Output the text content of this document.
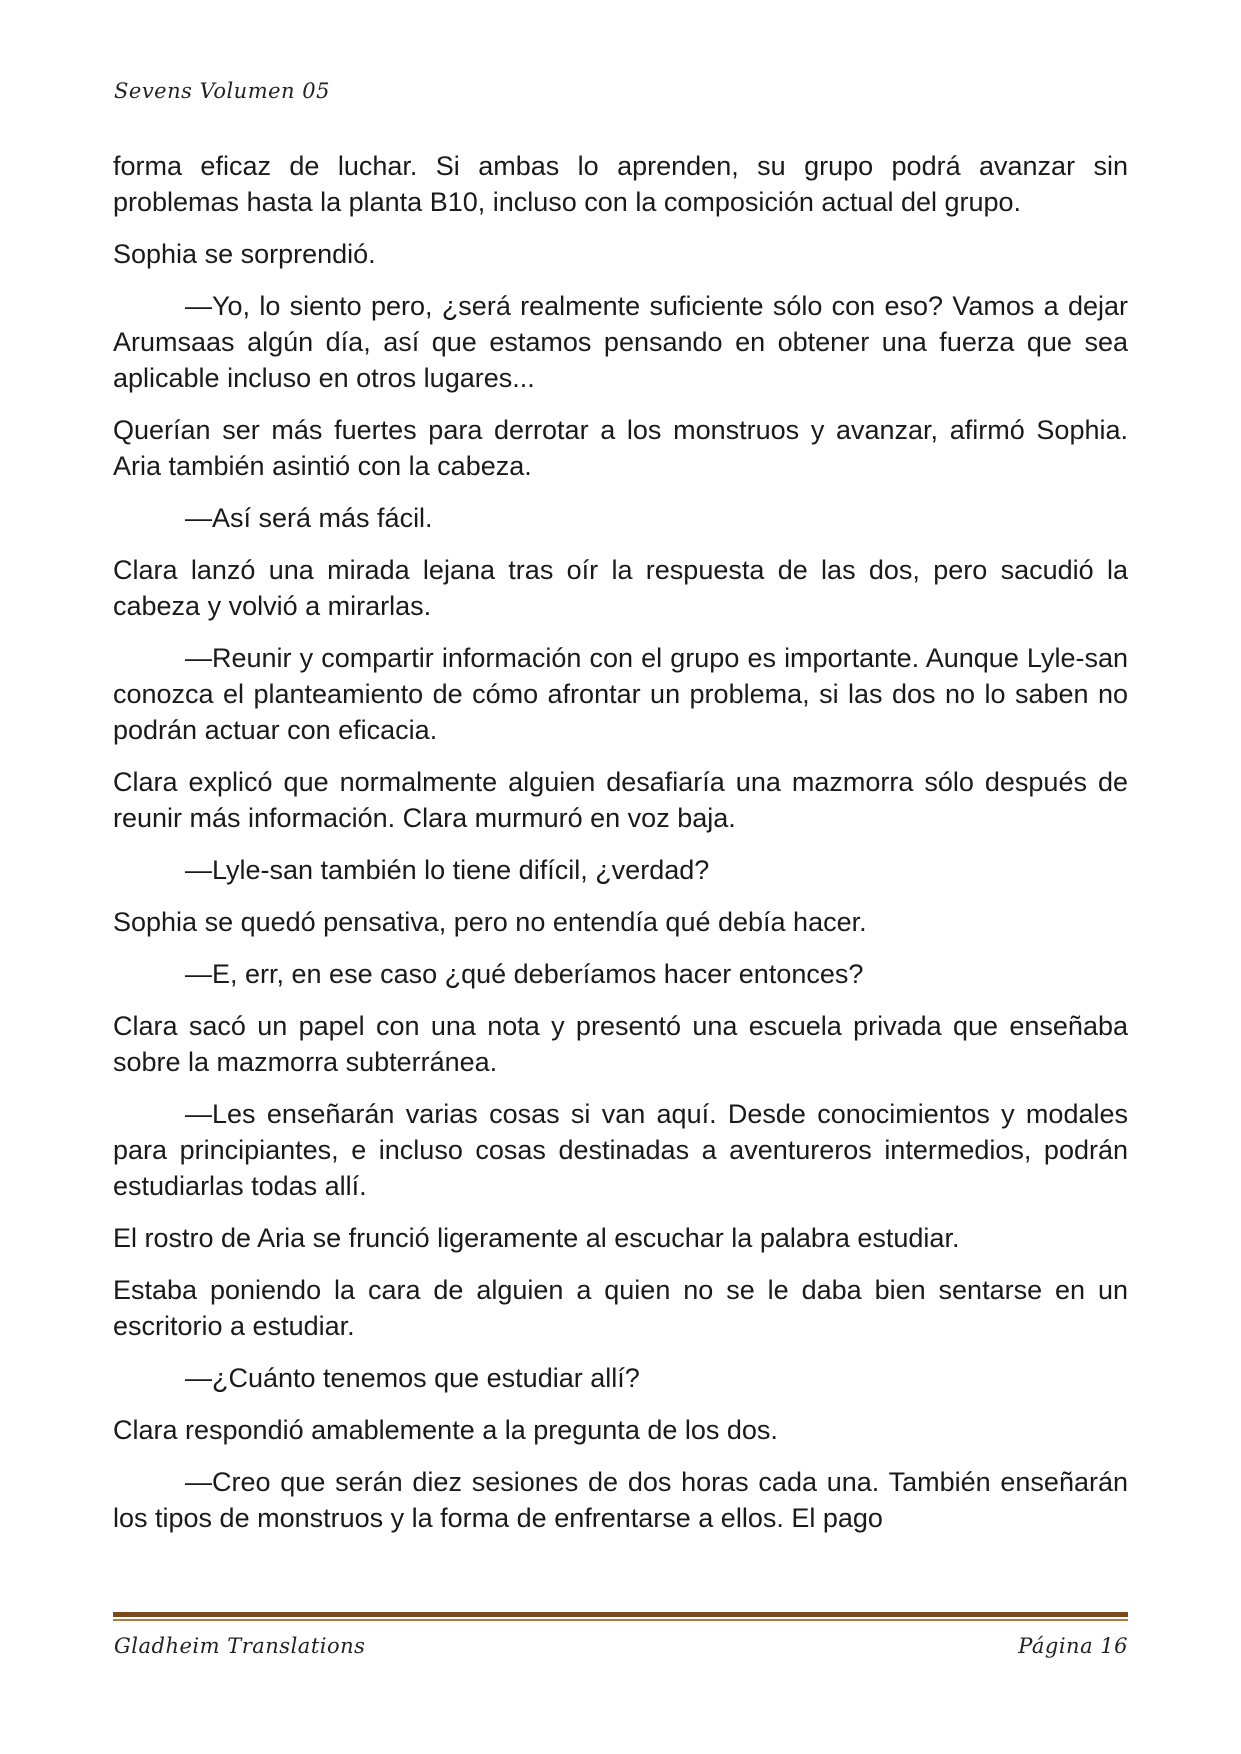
Sevens Volumen 05

forma eficaz de luchar. Si ambas lo aprenden, su grupo podrá avanzar sin problemas hasta la planta B10, incluso con la composición actual del grupo.

Sophia se sorprendió.

—Yo, lo siento pero, ¿será realmente suficiente sólo con eso? Vamos a dejar Arumsaas algún día, así que estamos pensando en obtener una fuerza que sea aplicable incluso en otros lugares...

Querían ser más fuertes para derrotar a los monstruos y avanzar, afirmó Sophia. Aria también asintió con la cabeza.

—Así será más fácil.

Clara lanzó una mirada lejana tras oír la respuesta de las dos, pero sacudió la cabeza y volvió a mirarlas.

—Reunir y compartir información con el grupo es importante. Aunque Lyle-san conozca el planteamiento de cómo afrontar un problema, si las dos no lo saben no podrán actuar con eficacia.

Clara explicó que normalmente alguien desafiaría una mazmorra sólo después de reunir más información. Clara murmuró en voz baja.

—Lyle-san también lo tiene difícil, ¿verdad?

Sophia se quedó pensativa, pero no entendía qué debía hacer.

—E, err, en ese caso ¿qué deberíamos hacer entonces?

Clara sacó un papel con una nota y presentó una escuela privada que enseñaba sobre la mazmorra subterránea.

—Les enseñarán varias cosas si van aquí. Desde conocimientos y modales para principiantes, e incluso cosas destinadas a aventureros intermedios, podrán estudiarlas todas allí.

El rostro de Aria se frunció ligeramente al escuchar la palabra estudiar.

Estaba poniendo la cara de alguien a quien no se le daba bien sentarse en un escritorio a estudiar.

—¿Cuánto tenemos que estudiar allí?

Clara respondió amablemente a la pregunta de los dos.

—Creo que serán diez sesiones de dos horas cada una. También enseñarán los tipos de monstruos y la forma de enfrentarse a ellos. El pago

Gladheim Translations	Página 16
